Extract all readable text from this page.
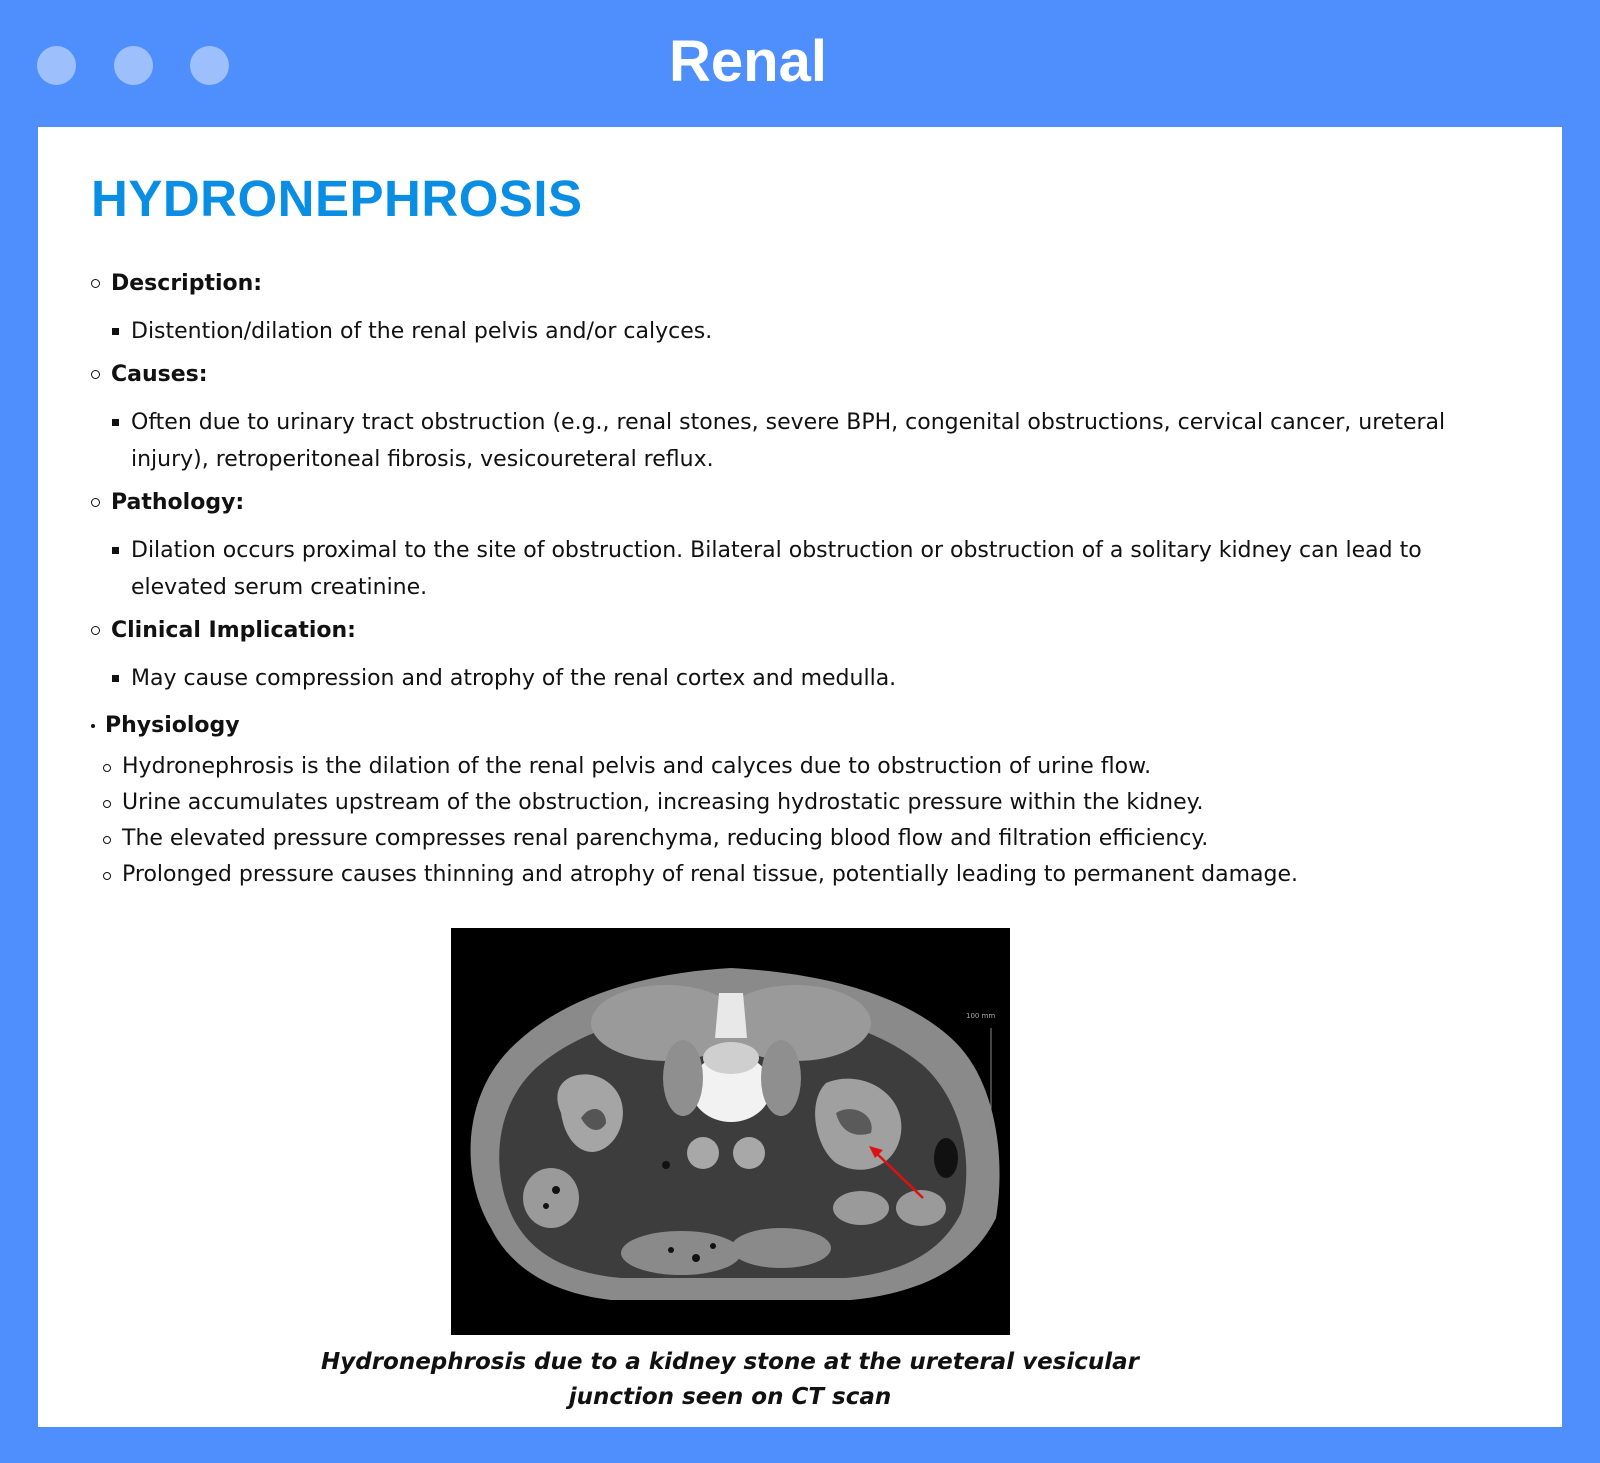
Renal
HYDRONEPHROSIS
Description:
Distention/dilation of the renal pelvis and/or calyces.
Causes:
Often due to urinary tract obstruction (e.g., renal stones, severe BPH, congenital obstructions, cervical cancer, ureteral injury), retroperitoneal fibrosis, vesicoureteral reflux.
Pathology:
Dilation occurs proximal to the site of obstruction. Bilateral obstruction or obstruction of a solitary kidney can lead to elevated serum creatinine.
Clinical Implication:
May cause compression and atrophy of the renal cortex and medulla.
Physiology
Hydronephrosis is the dilation of the renal pelvis and calyces due to obstruction of urine flow.
Urine accumulates upstream of the obstruction, increasing hydrostatic pressure within the kidney.
The elevated pressure compresses renal parenchyma, reducing blood flow and filtration efficiency.
Prolonged pressure causes thinning and atrophy of renal tissue, potentially leading to permanent damage.
100 mm
Hydronephrosis due to a kidney stone at the ureteral vesicular
junction seen on CT scan
